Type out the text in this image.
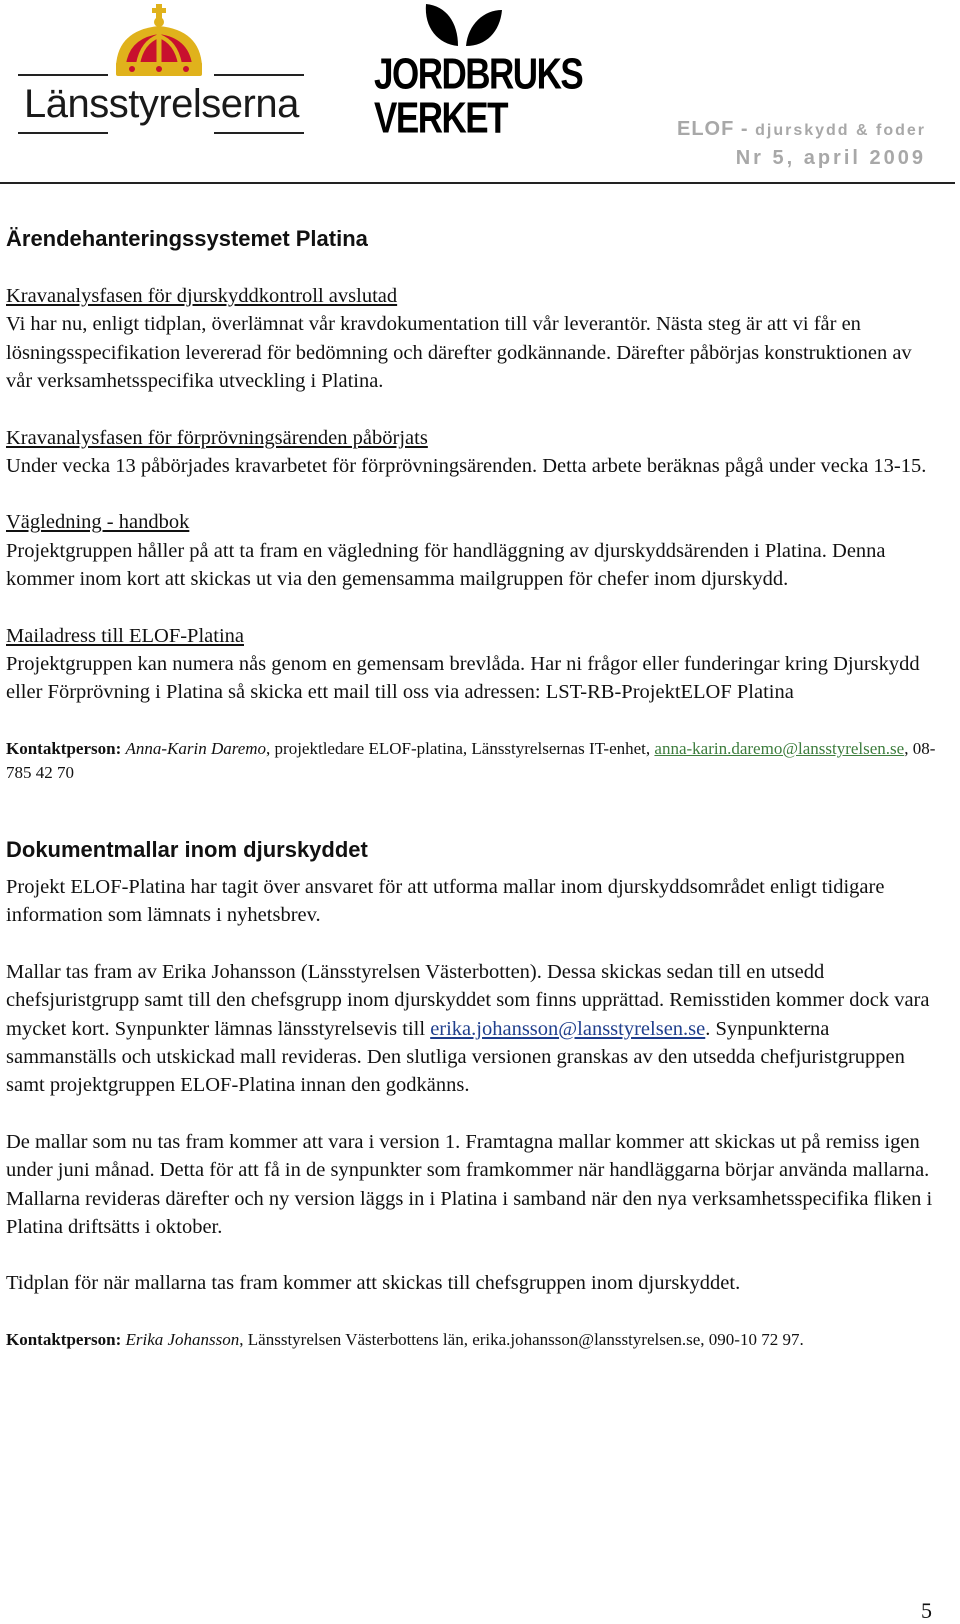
Länsstyrelserna
JORDBRUKS
VERKET	ELOF - djurskydd & foder
Nr 5, april 2009
Ärendehanteringssystemet Platina

Kravanalysfasen för djurskyddkontroll avslutad
Vi har nu, enligt tidplan, överlämnat vår kravdokumentation till vår leverantör. Nästa steg är att vi får en lösningsspecifikation levererad för bedömning och därefter godkännande. Därefter påbörjas konstruktionen av vår verksamhetsspecifika utveckling i Platina.

Kravanalysfasen för förprövningsärenden påbörjats
Under vecka 13 påbörjades kravarbetet för förprövningsärenden. Detta arbete beräknas pågå under vecka 13-15.

Vägledning - handbok
Projektgruppen håller på att ta fram en vägledning för handläggning av djurskyddsärenden i Platina. Denna kommer inom kort att skickas ut via den gemensamma mailgruppen för chefer inom djurskydd.

Mailadress till ELOF-Platina
Projektgruppen kan numera nås genom en gemensam brevlåda. Har ni frågor eller funderingar kring Djurskydd eller Förprövning i Platina så skicka ett mail till oss via adressen: LST-RB-ProjektELOF Platina

Kontaktperson: Anna-Karin Daremo, projektledare ELOF-platina, Länsstyrelsernas IT-enhet, anna-karin.daremo@lansstyrelsen.se, 08- 785 42 70

Dokumentmallar inom djurskyddet

Projekt ELOF-Platina har tagit över ansvaret för att utforma mallar inom djurskyddsområdet enligt tidigare information som lämnats i nyhetsbrev.

Mallar tas fram av Erika Johansson (Länsstyrelsen Västerbotten). Dessa skickas sedan till en utsedd chefsjuristgrupp samt till den chefsgrupp inom djurskyddet som finns upprättad. Remisstiden kommer dock vara mycket kort. Synpunkter lämnas länsstyrelsevis till erika.johansson@lansstyrelsen.se. Synpunkterna sammanställs och utskickad mall revideras. Den slutliga versionen granskas av den utsedda chefjuristgruppen samt projektgruppen ELOF-Platina innan den godkänns.

De mallar som nu tas fram kommer att vara i version 1. Framtagna mallar kommer att skickas ut på remiss igen under juni månad. Detta för att få in de synpunkter som framkommer när handläggarna börjar använda mallarna. Mallarna revideras därefter och ny version läggs in i Platina i samband när den nya verksamhetsspecifika fliken i Platina driftsätts i oktober.

Tidplan för när mallarna tas fram kommer att skickas till chefsgruppen inom djurskyddet.

Kontaktperson: Erika Johansson, Länsstyrelsen Västerbottens län, erika.johansson@lansstyrelsen.se, 090-10 72 97.

5
